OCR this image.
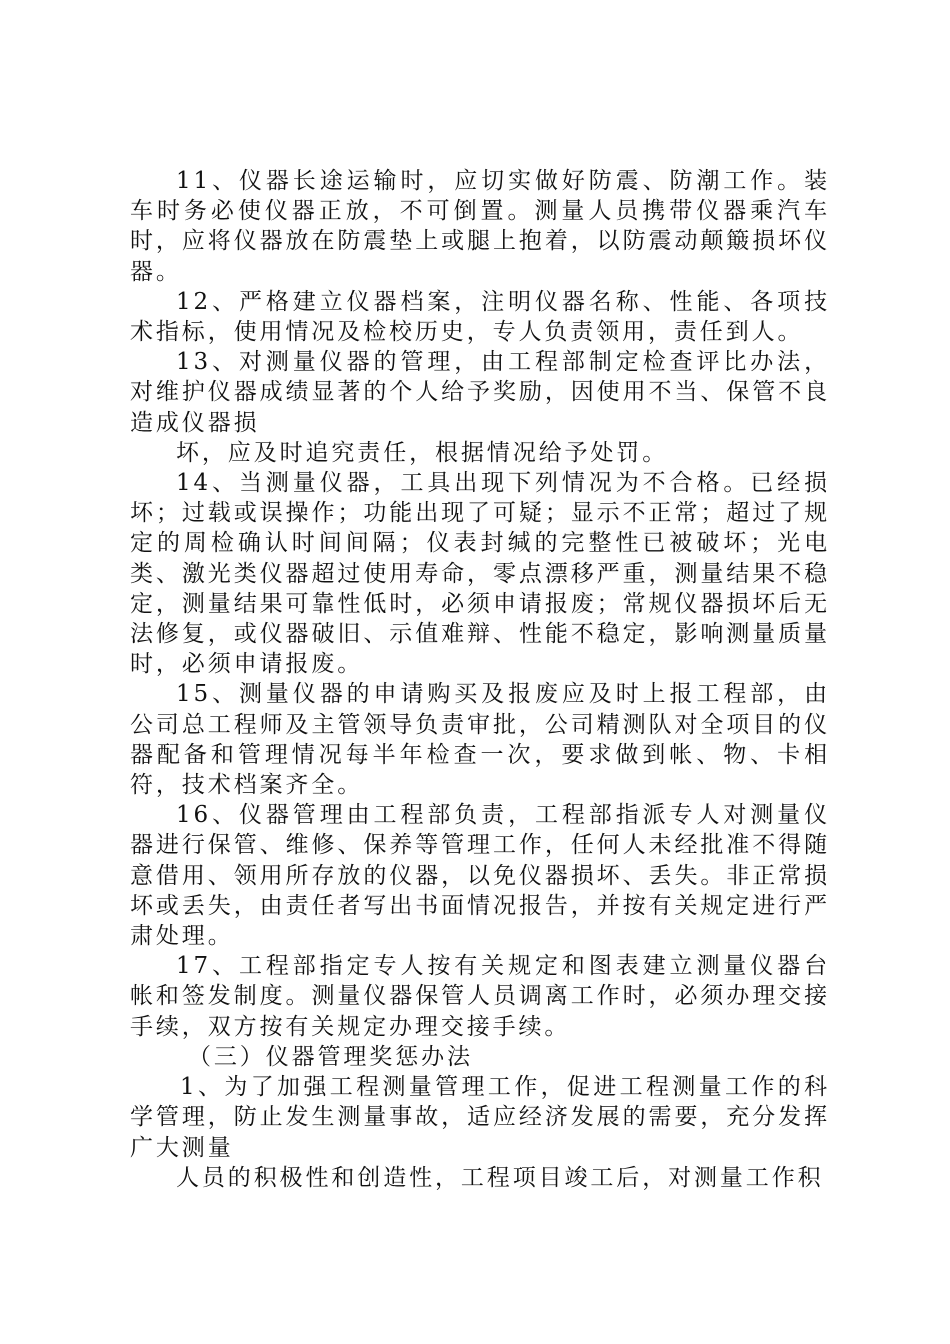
11、仪器长途运输时，应切实做好防震、防潮工作。装车时务必使仪器正放，不可倒置。测量人员携带仪器乘汽车时，应将仪器放在防震垫上或腿上抱着，以防震动颠簸损坏仪器。

12、严格建立仪器档案，注明仪器名称、性能、各项技术指标，使用情况及检校历史，专人负责领用，责任到人。

13、对测量仪器的管理，由工程部制定检查评比办法，对维护仪器成绩显著的个人给予奖励，因使用不当、保管不良造成仪器损

坏，应及时追究责任，根据情况给予处罚。

14、当测量仪器，工具出现下列情况为不合格。已经损坏；过载或误操作；功能出现了可疑；显示不正常；超过了规定的周检确认时间间隔；仪表封缄的完整性已被破坏；光电类、激光类仪器超过使用寿命，零点漂移严重，测量结果不稳定，测量结果可靠性低时，必须申请报废；常规仪器损坏后无法修复，或仪器破旧、示值难辩、性能不稳定，影响测量质量时，必须申请报废。

15、测量仪器的申请购买及报废应及时上报工程部，由公司总工程师及主管领导负责审批，公司精测队对全项目的仪器配备和管理情况每半年检查一次，要求做到帐、物、卡相符，技术档案齐全。

16、仪器管理由工程部负责，工程部指派专人对测量仪器进行保管、维修、保养等管理工作，任何人未经批准不得随意借用、领用所存放的仪器，以免仪器损坏、丢失。非正常损坏或丢失，由责任者写出书面情况报告，并按有关规定进行严肃处理。

17、工程部指定专人按有关规定和图表建立测量仪器台帐和签发制度。测量仪器保管人员调离工作时，必须办理交接手续，双方按有关规定办理交接手续。

（三）仪器管理奖惩办法

1、为了加强工程测量管理工作，促进工程测量工作的科学管理，防止发生测量事故，适应经济发展的需要，充分发挥广大测量

人员的积极性和创造性，工程项目竣工后，对测量工作积
